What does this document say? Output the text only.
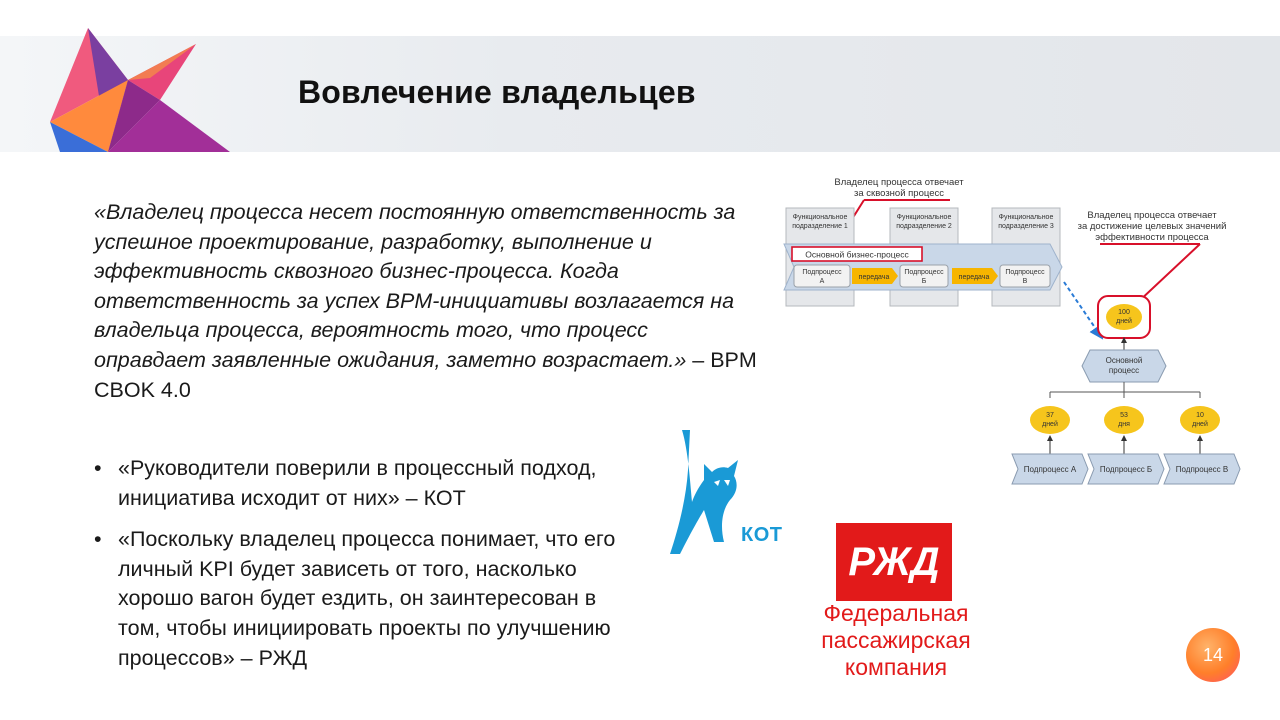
Вовлечение владельцев
«Владелец процесса несет постоянную ответственность за успешное проектирование, разработку, выполнение и эффективность сквозного бизнес-процесса. Когда ответственность за успех BPM-инициативы возлагается на владельца процесса, вероятность того, что процесс оправдает заявленные ожидания, заметно возрастает.» – BPM CBOK 4.0
• «Руководители поверили в процессный подход, инициатива исходит от них» – КОТ
• «Поскольку владелец процесса понимает, что его личный KPI будет зависеть от того, насколько хорошо вагон будет ездить, он заинтересован в том, чтобы инициировать проекты по улучшению процессов» – РЖД
КОТ
РЖД
Федеральная
пассажирская
компания
Владелец процесса отвечает
за сквозной процесс
Владелец процесса отвечает
за достижение целевых значений
эффективности процесса
Функциональное
подразделение 1
Функциональное
подразделение 2
Функциональное
подразделение 3
Основной бизнес-процесс
Подпроцесс
А
передача
Подпроцесс
Б
передача
Подпроцесс
В
100
дней
Основной
процесс
37
дней
53
дня
10
дней
Подпроцесс А	Подпроцесс Б	Подпроцесс В
14
